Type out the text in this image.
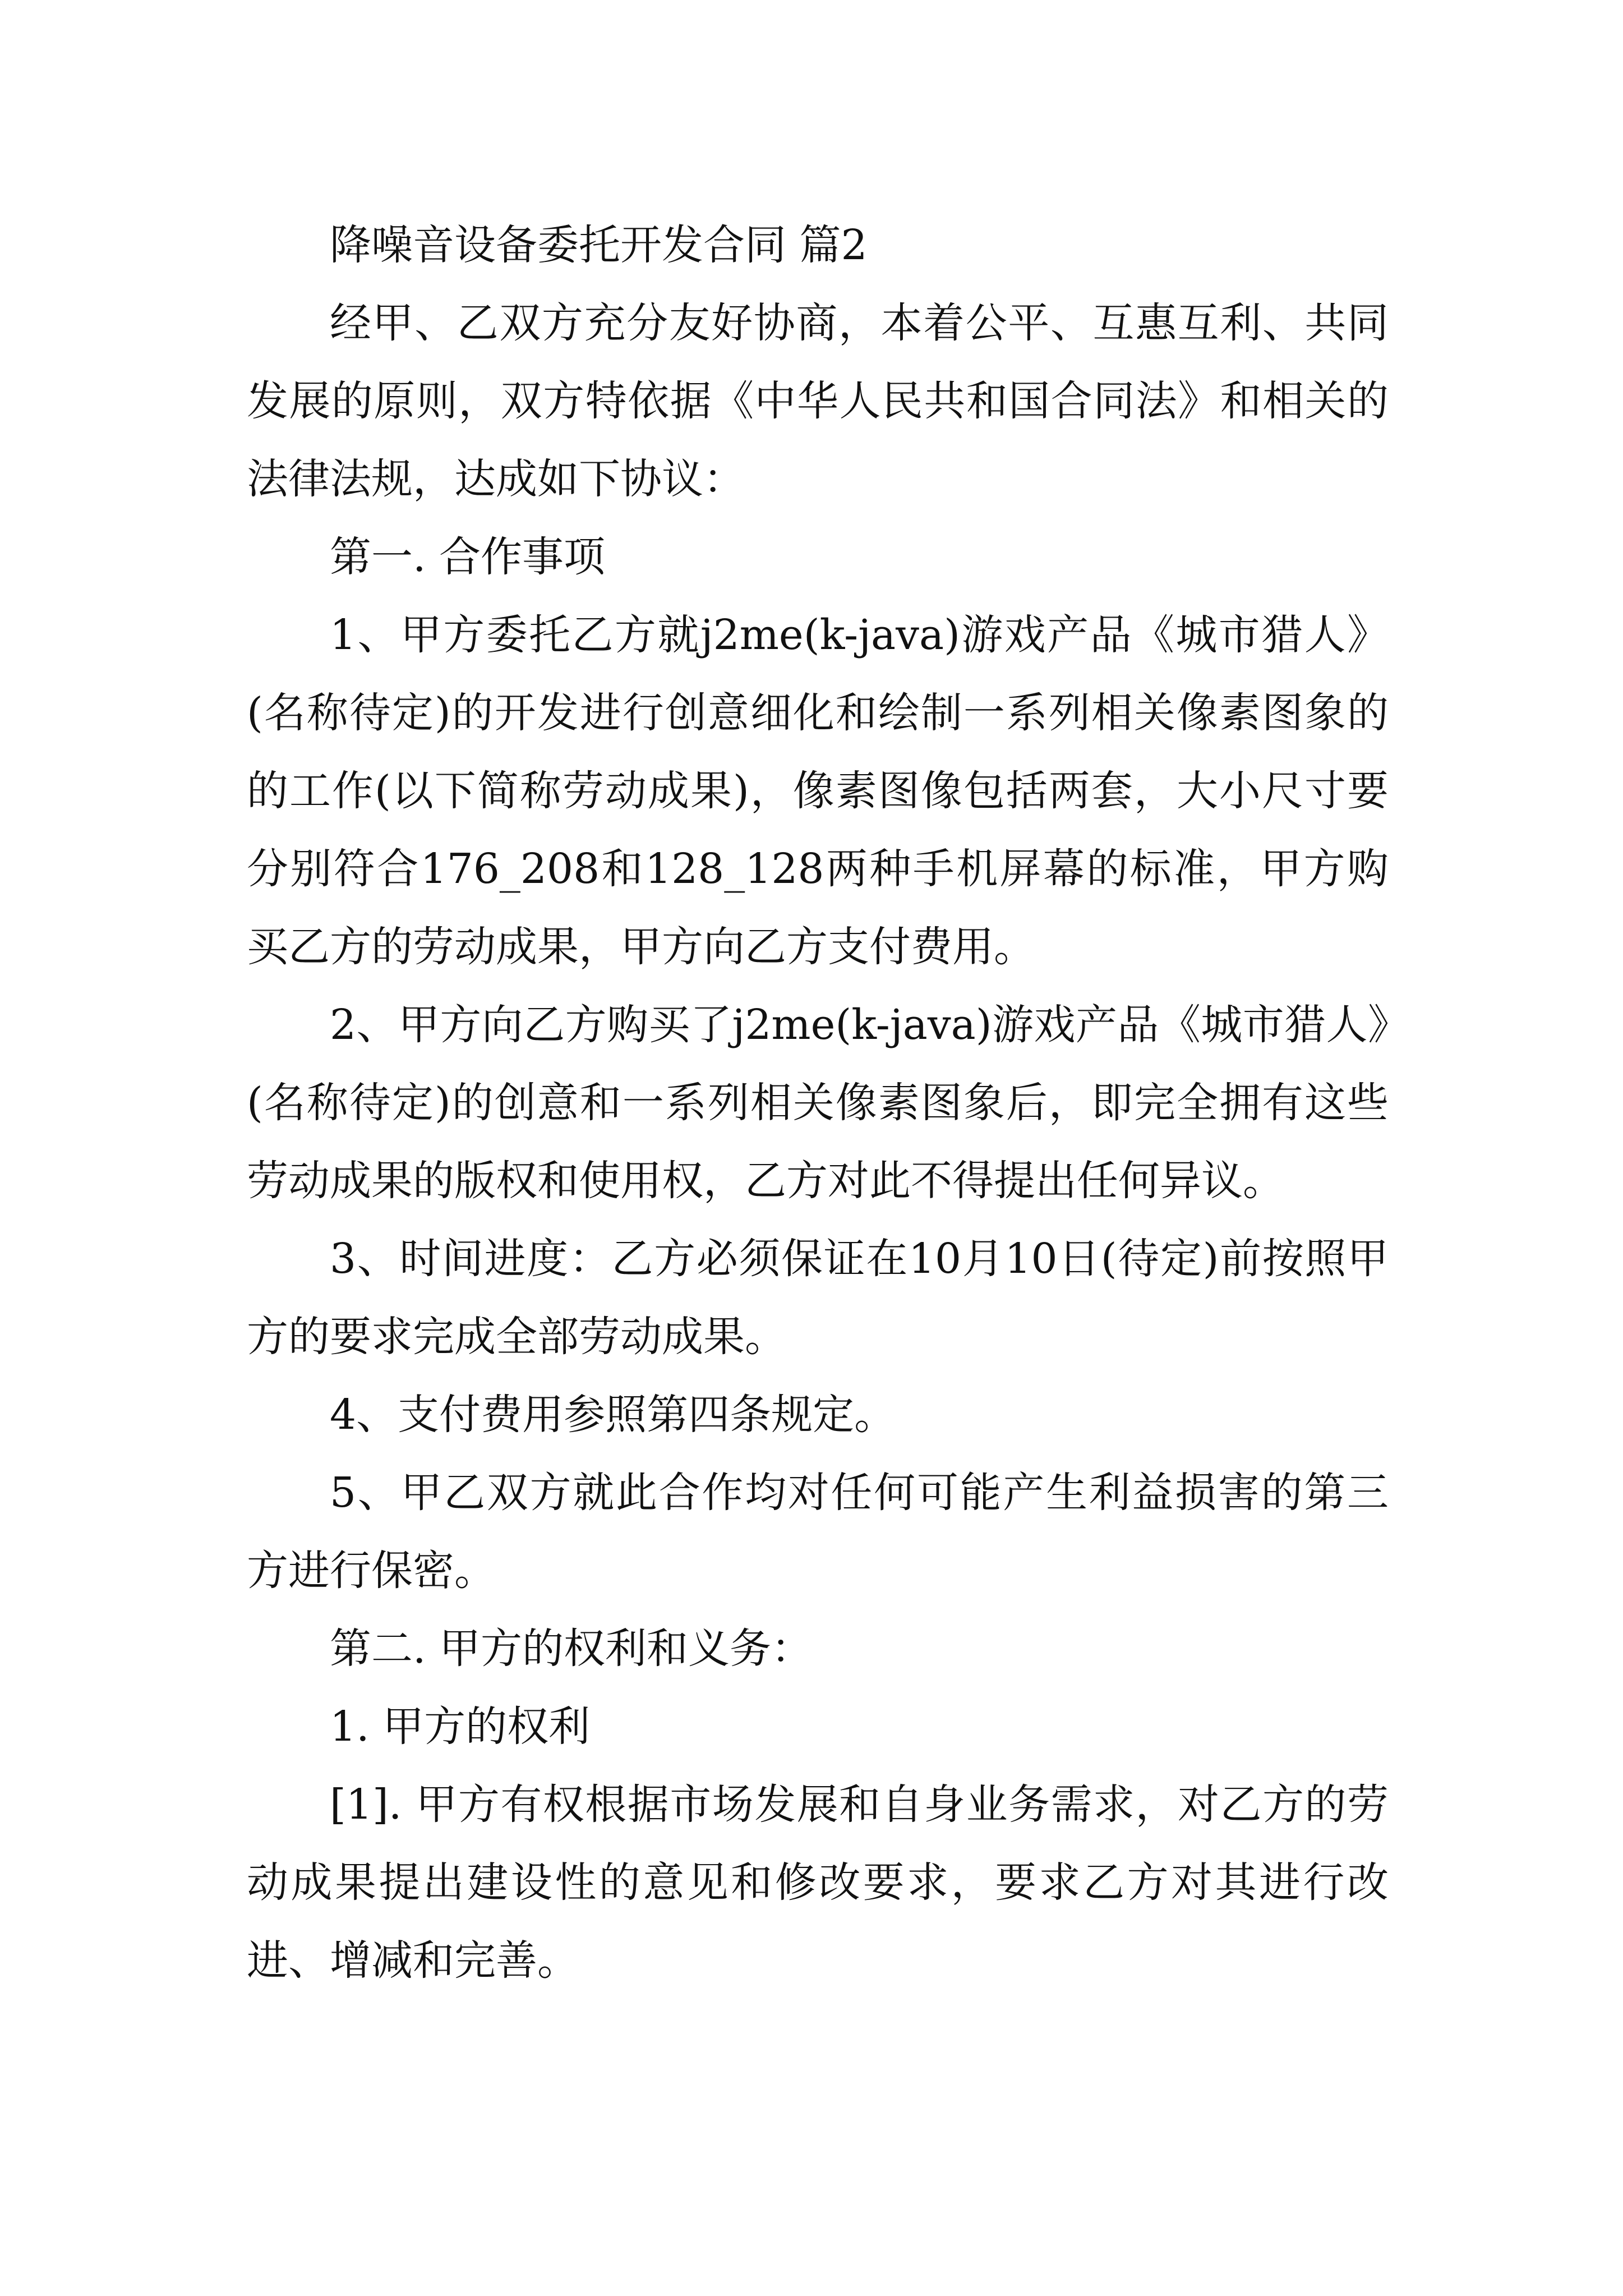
降噪音设备委托开发合同 篇2

经甲、乙双方充分友好协商，本着公平、互惠互利、共同发展的原则，双方特依据《中华人民共和国合同法》和相关的法律法规，达成如下协议：

第一. 合作事项

1、甲方委托乙方就j2me(k-java)游戏产品《城市猎人》(名称待定)的开发进行创意细化和绘制一系列相关像素图象的的工作(以下简称劳动成果)，像素图像包括两套，大小尺寸要分别符合176_208和128_128两种手机屏幕的标准，甲方购买乙方的劳动成果，甲方向乙方支付费用。

2、甲方向乙方购买了j2me(k-java)游戏产品《城市猎人》(名称待定)的创意和一系列相关像素图象后，即完全拥有这些劳动成果的版权和使用权，乙方对此不得提出任何异议。

3、时间进度：乙方必须保证在10月10日(待定)前按照甲方的要求完成全部劳动成果。

4、支付费用参照第四条规定。

5、甲乙双方就此合作均对任何可能产生利益损害的第三方进行保密。

第二. 甲方的权利和义务：

1. 甲方的权利

[1]. 甲方有权根据市场发展和自身业务需求，对乙方的劳动成果提出建设性的意见和修改要求，要求乙方对其进行改进、增减和完善。
